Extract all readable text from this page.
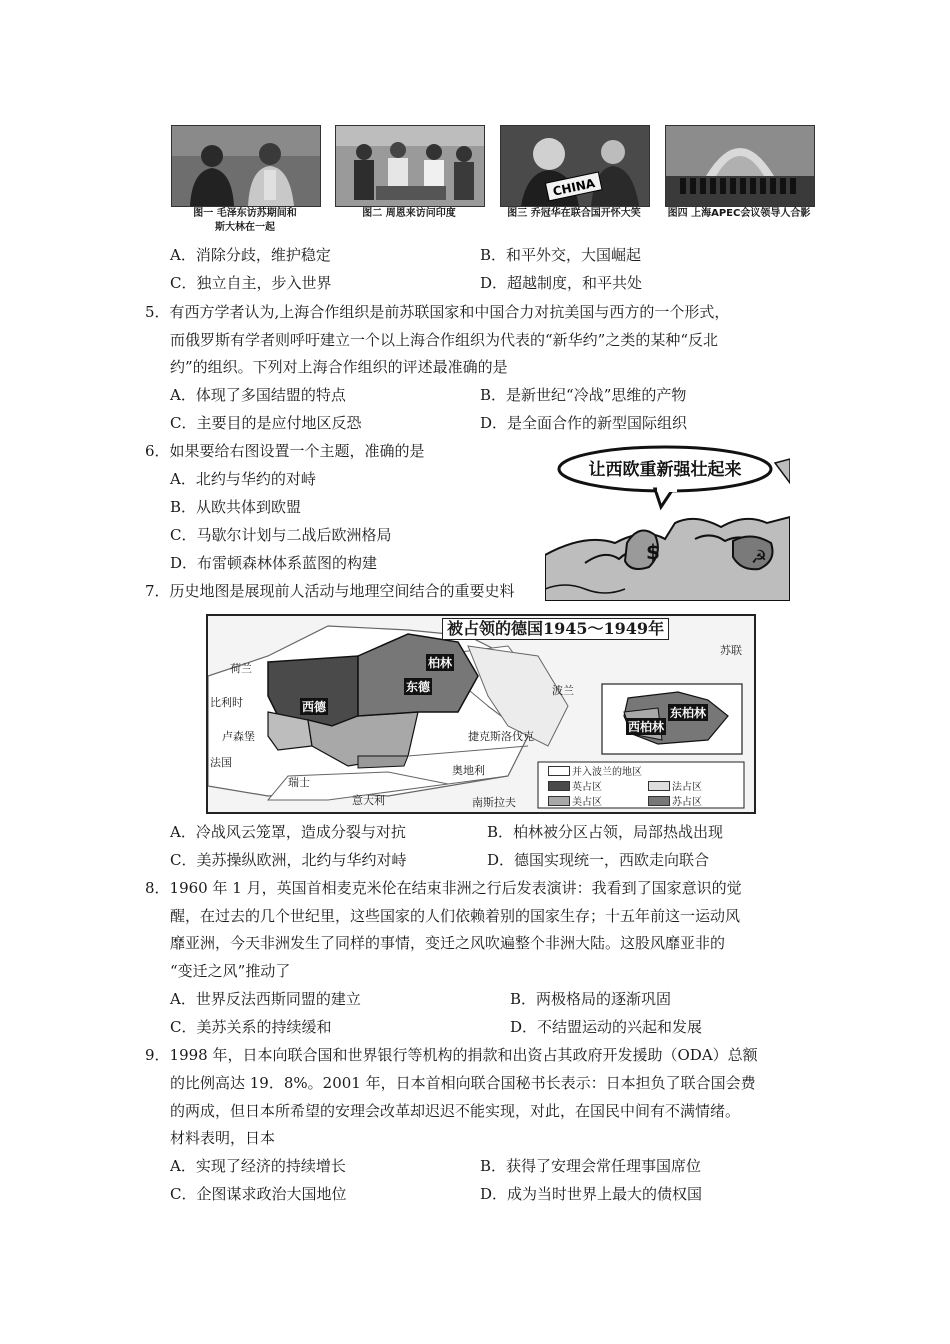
CHINA
图一 毛泽东访苏期间和
斯大林在一起
图二 周恩来访问印度	图三 乔冠华在联合国开怀大笑	图四 上海APEC会议领导人合影
A．消除分歧，维护稳定	B．和平外交，大国崛起
C．独立自主，步入世界	D．超越制度，和平共处
5．有西方学者认为,上海合作组织是前苏联国家和中国合力对抗美国与西方的一个形式，
而俄罗斯有学者则呼吁建立一个以上海合作组织为代表的“新华约”之类的某种“反北
约”的组织。下列对上海合作组织的评述最准确的是
A．体现了多国结盟的特点	B．是新世纪“冷战”思维的产物
C．主要目的是应付地区反恐	D．是全面合作的新型国际组织
6．如果要给右图设置一个主题，准确的是
A．北约与华约的对峙
B．从欧共体到欧盟
C．马歇尔计划与二战后欧洲格局
D．布雷顿森林体系蓝图的构建
让西欧重新强壮起来
$	☭
7．历史地图是展现前人活动与地理空间结合的重要史料
被占领的德国1945～1949年
荷兰
比利时
卢森堡
法国
瑞士
意大利
奥地利
南斯拉夫
捷克斯洛伐克
波兰
苏联
柏林
东德
西德	东柏林
西柏林
并入波兰的地区
英占区	法占区
美占区	苏占区
A．冷战风云笼罩，造成分裂与对抗	B．柏林被分区占领，局部热战出现
C．美苏操纵欧洲，北约与华约对峙	D．德国实现统一，西欧走向联合
8．1960 年 1 月，英国首相麦克米伦在结束非洲之行后发表演讲：我看到了国家意识的觉
醒，在过去的几个世纪里，这些国家的人们依赖着别的国家生存；十五年前这一运动风
靡亚洲，今天非洲发生了同样的事情，变迁之风吹遍整个非洲大陆。这股风靡亚非的
“变迁之风”推动了
A．世界反法西斯同盟的建立	B．两极格局的逐渐巩固
C．美苏关系的持续缓和	D．不结盟运动的兴起和发展
9．1998 年，日本向联合国和世界银行等机构的捐款和出资占其政府开发援助（ODA）总额
的比例高达 19．8%。2001 年，日本首相向联合国秘书长表示：日本担负了联合国会费
的两成，但日本所希望的安理会改革却迟迟不能实现，对此，在国民中间有不满情绪。
材料表明，日本
A．实现了经济的持续增长	B．获得了安理会常任理事国席位
C．企图谋求政治大国地位	D．成为当时世界上最大的债权国
